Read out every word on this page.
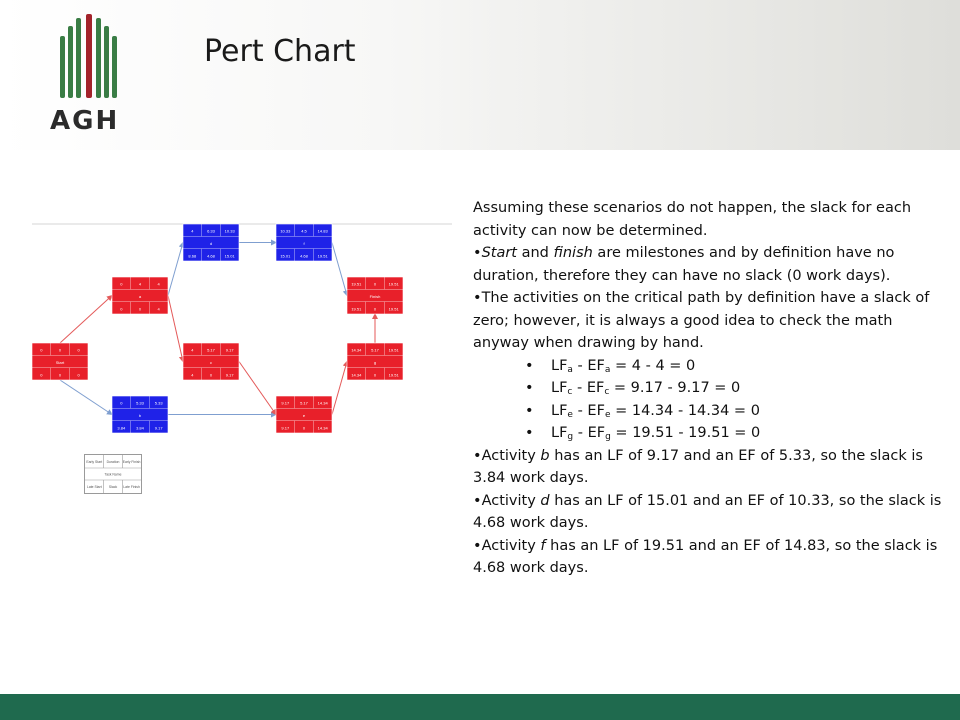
AGH
Pert Chart
0	0	0
Start
0	0	0
0	4	4
a
0	0	4
0	5.33	5.33
b
3.84	3.84	9.17
4	5.17	9.17
c
4	0	9.17
4	6.33 10.33
d
8.68	4.68 15.01
9.17	5.17 14.34
e
9.17	0	14.34
10.33	4.5	14.83
f
15.01 4.68 19.51
14.34 5.17 19.51
g
14.34	0	19.51
19.51	0	19.51
Finish
19.51	0	19.51
Early Start Duration Early Finish
Task Name
Late Start Slack Late Finish

Assuming these scenarios do not happen, the slack for each activity can now be determined.

•Start and finish are milestones and by definition have no duration, therefore they can have no slack (0 work days).

•The activities on the critical path by definition have a slack of zero; however, it is always a good idea to check the math anyway when drawing by hand.

• $LF_a - EF_a = 4 - 4 = 0$
• $LF_c - EF_c = 9.17 - 9.17 = 0$
• $LF_e - EF_e = 14.34 - 14.34 = 0$
• $LF_g - EF_g = 19.51 - 19.51 = 0$

•Activity b has an LF of 9.17 and an EF of 5.33, so the slack is 3.84 work days.

•Activity d has an LF of 15.01 and an EF of 10.33, so the slack is 4.68 work days.

•Activity f has an LF of 19.51 and an EF of 14.83, so the slack is 4.68 work days.
